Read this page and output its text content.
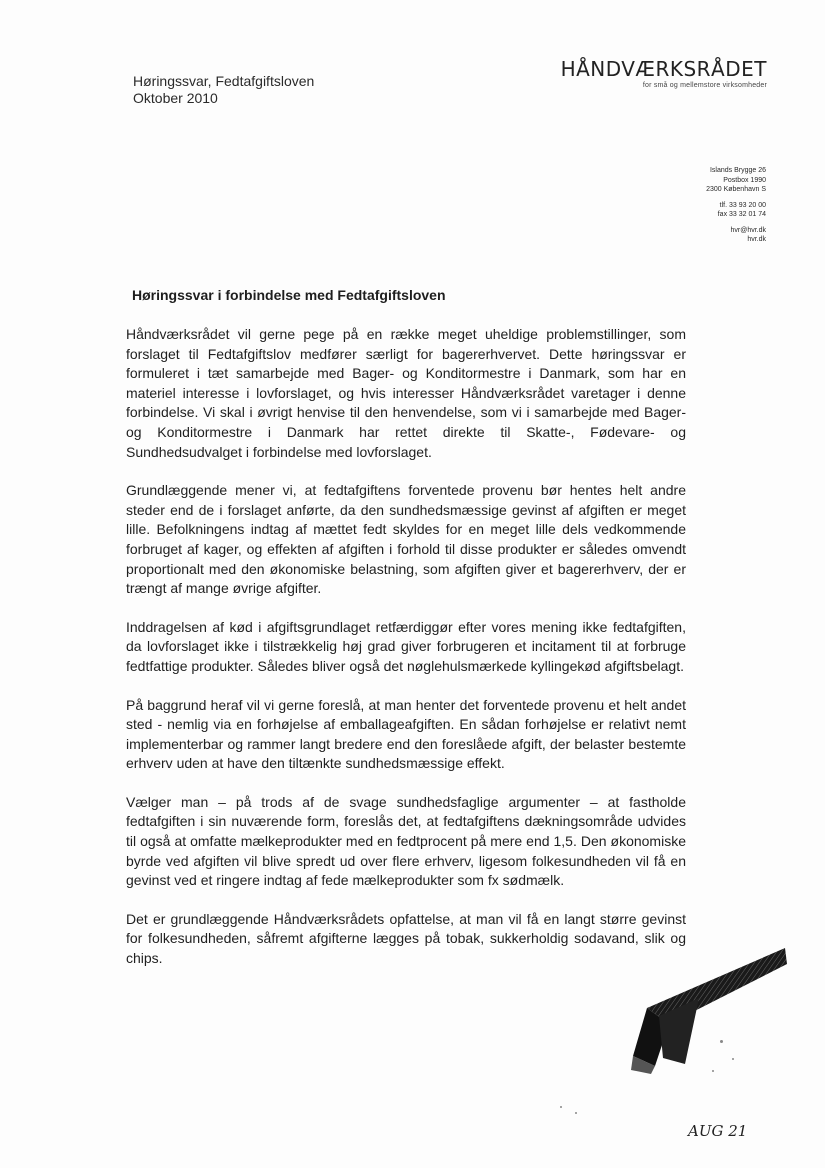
Høringssvar, Fedtafgiftsloven
Oktober 2010
HÅNDVÆRKSRÅDET
for små og mellemstore virksomheder
Islands Brygge 26
Postbox 1990
2300 København S
tlf. 33 93 20 00
fax 33 32 01 74
hvr@hvr.dk
hvr.dk
Høringssvar i forbindelse med Fedtafgiftsloven

Håndværksrådet vil gerne pege på en række meget uheldige problemstillinger, som forslaget til Fedtafgiftslov medfører særligt for bagererhvervet. Dette høringssvar er formuleret i tæt samarbejde med Bager- og Konditormestre i Danmark, som har en materiel interesse i lovforslaget, og hvis interesser Håndværksrådet varetager i denne forbindelse. Vi skal i øvrigt henvise til den henvendelse, som vi i samarbejde med Bager- og Konditormestre i Danmark har rettet direkte til Skatte-, Fødevare- og Sundhedsudvalget i forbindelse med lovforslaget.

Grundlæggende mener vi, at fedtafgiftens forventede provenu bør hentes helt andre steder end de i forslaget anførte, da den sundhedsmæssige gevinst af afgiften er meget lille. Befolkningens indtag af mættet fedt skyldes for en meget lille dels vedkommende forbruget af kager, og effekten af afgiften i forhold til disse produkter er således omvendt proportionalt med den økonomiske belastning, som afgiften giver et bagererhverv, der er trængt af mange øvrige afgifter.

Inddragelsen af kød i afgiftsgrundlaget retfærdiggør efter vores mening ikke fedtafgiften, da lovforslaget ikke i tilstrækkelig høj grad giver forbrugeren et incitament til at forbruge fedtfattige produkter. Således bliver også det nøglehulsmærkede kyllingekød afgiftsbelagt.

På baggrund heraf vil vi gerne foreslå, at man henter det forventede provenu et helt andet sted - nemlig via en forhøjelse af emballageafgiften. En sådan forhøjelse er relativt nemt implementerbar og rammer langt bredere end den foreslåede afgift, der belaster bestemte erhverv uden at have den tiltænkte sundhedsmæssige effekt.

Vælger man – på trods af de svage sundhedsfaglige argumenter – at fastholde fedtafgiften i sin nuværende form, foreslås det, at fedtafgiftens dækningsområde udvides til også at omfatte mælkeprodukter med en fedtprocent på mere end 1,5. Den økonomiske byrde ved afgiften vil blive spredt ud over flere erhverv, ligesom folkesundheden vil få en gevinst ved et ringere indtag af fede mælkeprodukter som fx sødmælk.

Det er grundlæggende Håndværksrådets opfattelse, at man vil få en langt større gevinst for folkesundheden, såfremt afgifterne lægges på tobak, sukkerholdig sodavand, slik og chips.

AUG 21
